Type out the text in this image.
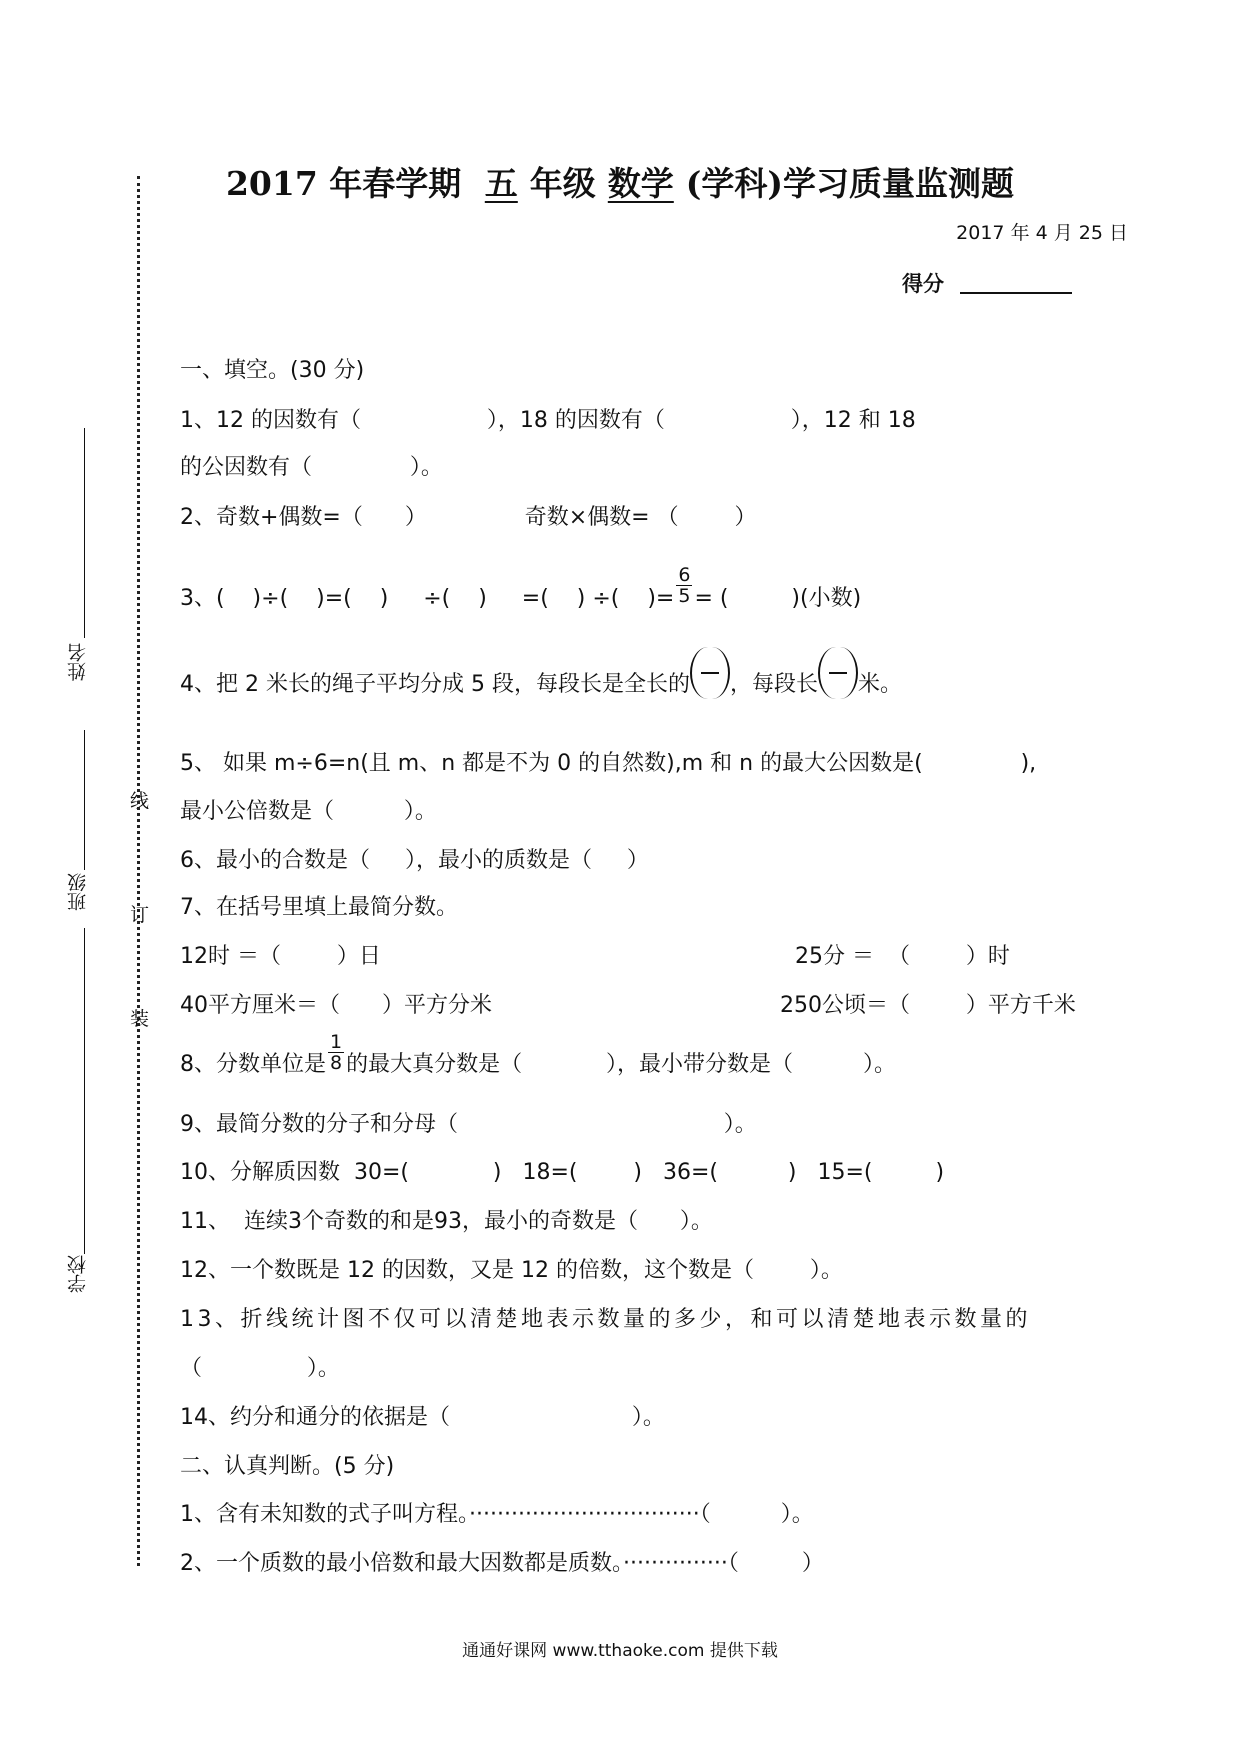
2017 年春学期 五 年级 数学 (学科)学习质量监测题
2017 年 4 月 25 日
得分
姓名
班级
学校
线
订
装
一、填空。(30 分)
1、12 的因数有（                  ），18 的因数有（                  ），12 和 18
的公因数有（              ）。
2、奇数+偶数=（      ）              奇数×偶数= （        ）
3、(    )÷(    )=(    )     ÷(    )     =(    ) ÷(    )= $\frac{6}{5}$ = (         )(小数)
4、把 2 米长的绳子平均分成 5 段，每段长是全长的 ，每段长 米。
5、 如果 m÷6=n(且 m、n 都是不为 0 的自然数),m 和 n 的最大公因数是(              ),
最小公倍数是（          ）。
6、最小的合数是（     ），最小的质数是（     ）
7、在括号里填上最简分数。
12时 ＝（        ）日	25分 ＝  （        ）时
40平方厘米＝（      ）平方分米	250公顷＝（        ）平方千米
8、分数单位是 $\frac{1}{8}$ 的最大真分数是（            ），最小带分数是（          ）。
9、最简分数的分子和分母（                                      ）。
10、分解质因数  30=(            )   18=(        )   36=(          )   15=(         )
11、  连续3个奇数的和是93，最小的奇数是（      ）。
12、一个数既是 12 的因数，又是 12 的倍数，这个数是（        ）。
13、折线统计图不仅可以清楚地表示数量的多少，和可以清楚地表示数量的
（               ）。
14、约分和通分的依据是（                          ）。
二、认真判断。(5 分)
1、含有未知数的式子叫方程。·································（          ）。
2、一个质数的最小倍数和最大因数都是质数。···············（         ）
通通好课网 www.tthaoke.com 提供下载
